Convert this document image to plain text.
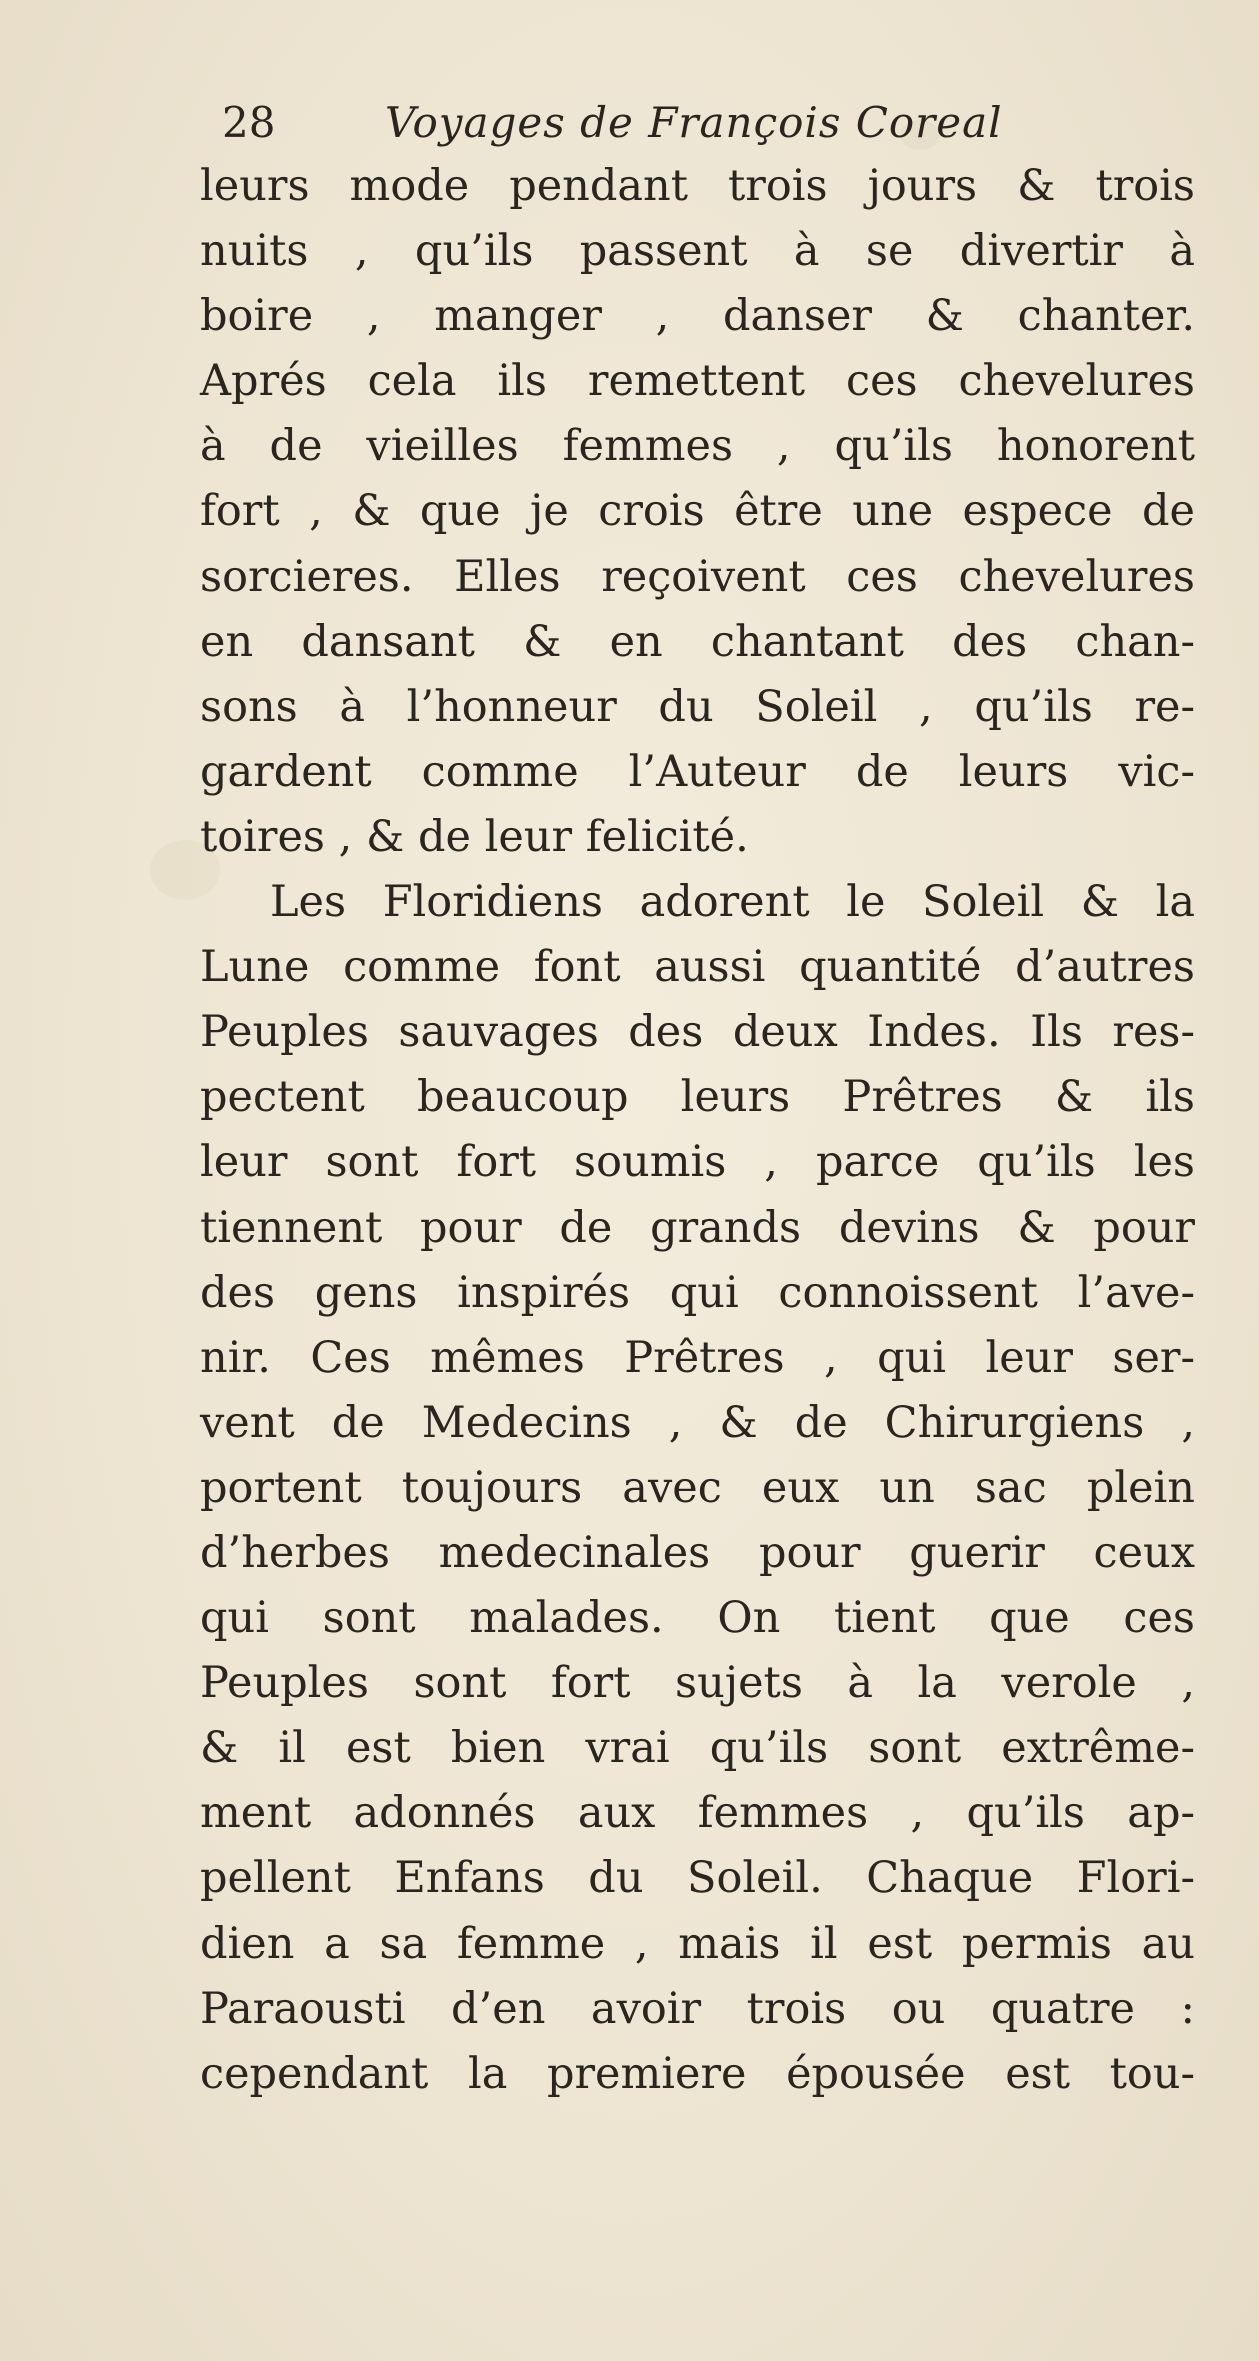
28	Voyages de François Coreal
leurs mode pendant trois jours & trois
nuits , qu’ils passent à se divertir à
boire , manger , danser & chanter.
Aprés cela ils remettent ces chevelures
à de vieilles femmes , qu’ils honorent
fort , & que je crois être une espece de
sorcieres. Elles reçoivent ces chevelures
en dansant & en chantant des chan-
sons à l’honneur du Soleil , qu’ils re-
gardent comme l’Auteur de leurs vic-
toires , & de leur felicité.
Les Floridiens adorent le Soleil & la
Lune comme font aussi quantité d’autres
Peuples sauvages des deux Indes. Ils res-
pectent beaucoup leurs Prêtres & ils
leur sont fort soumis , parce qu’ils les
tiennent pour de grands devins & pour
des gens inspirés qui connoissent l’ave-
nir. Ces mêmes Prêtres , qui leur ser-
vent de Medecins , & de Chirurgiens ,
portent toujours avec eux un sac plein
d’herbes medecinales pour guerir ceux
qui sont malades. On tient que ces
Peuples sont fort sujets à la verole ,
& il est bien vrai qu’ils sont extrême-
ment adonnés aux femmes , qu’ils ap-
pellent Enfans du Soleil. Chaque Flori-
dien a sa femme , mais il est permis au
Paraousti d’en avoir trois ou quatre :
cependant la premiere épousée est tou-
